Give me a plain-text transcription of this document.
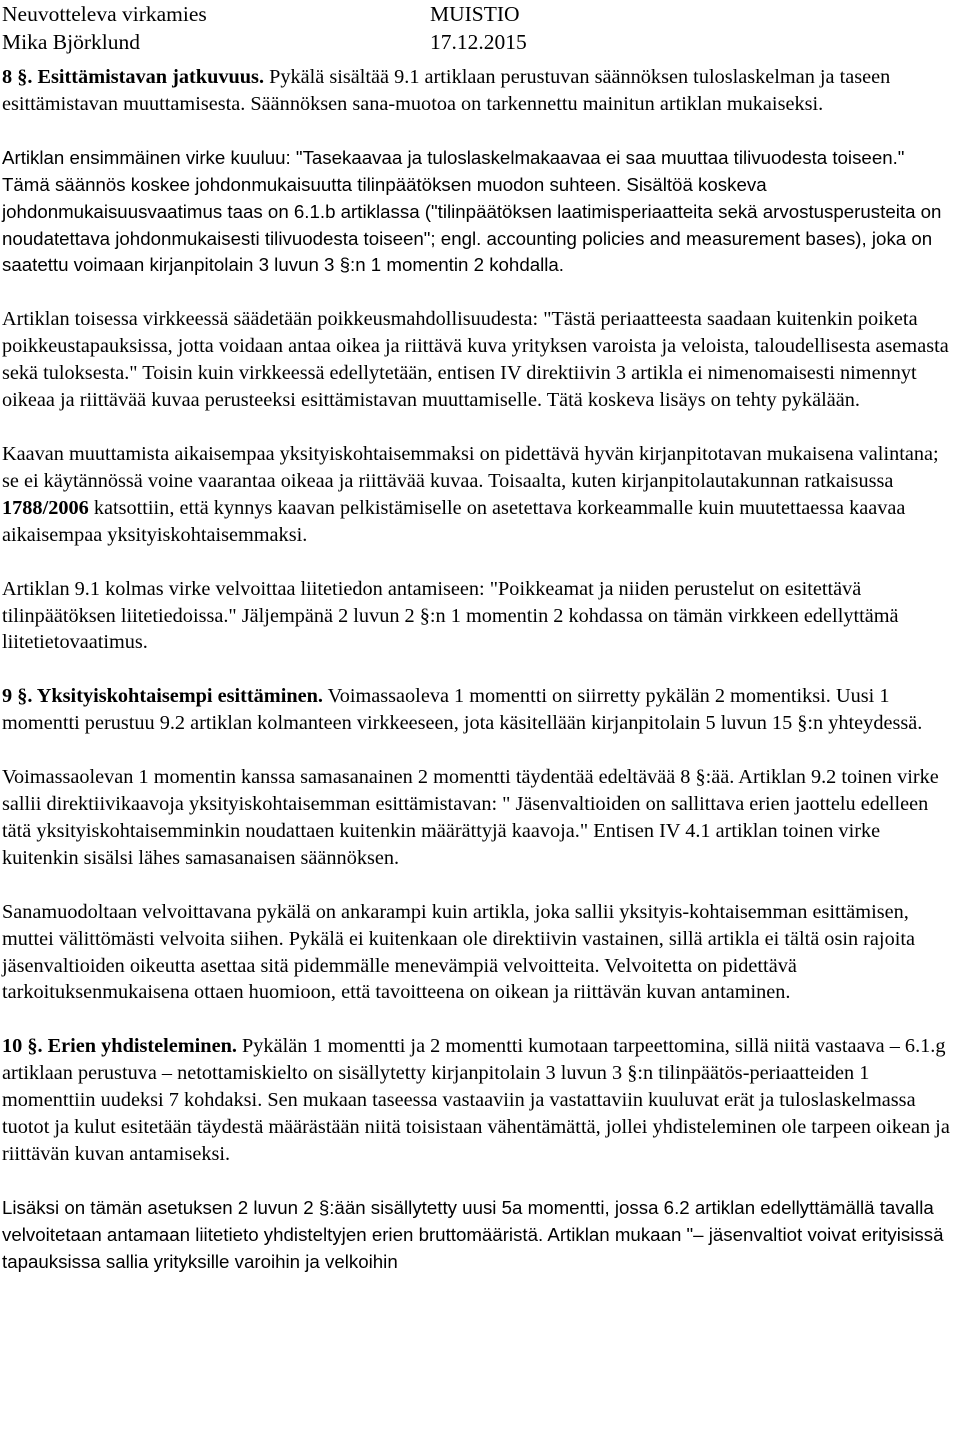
Neuvotteleva virkamies	MUISTIO
Mika Björklund	17.12.2015

8 §. Esittämistavan jatkuvuus. Pykälä sisältää 9.1 artiklaan perustuvan säännöksen tuloslaskelman ja taseen esittämistavan muuttamisesta. Säännöksen sana-muotoa on tarkennettu mainitun artiklan mukaiseksi.

Artiklan ensimmäinen virke kuuluu: "Tasekaavaa ja tuloslaskelmakaavaa ei saa muuttaa tilivuodesta toiseen." Tämä säännös koskee johdonmukaisuutta tilinpäätöksen muodon suhteen. Sisältöä koskeva johdonmukaisuusvaatimus taas on 6.1.b artiklassa ("tilinpäätöksen laatimisperiaatteita sekä arvostusperusteita on noudatettava johdonmukaisesti tilivuodesta toiseen"; engl. accounting policies and measurement bases), joka on saatettu voimaan kirjanpitolain 3 luvun 3 §:n 1 momentin 2 kohdalla.

Artiklan toisessa virkkeessä säädetään poikkeusmahdollisuudesta: "Tästä periaatteesta saadaan kuitenkin poiketa poikkeustapauksissa, jotta voidaan antaa oikea ja riittävä kuva yrityksen varoista ja veloista, taloudellisesta asemasta sekä tuloksesta." Toisin kuin virkkeessä edellytetään, entisen IV direktiivin 3 artikla ei nimenomaisesti nimennyt oikeaa ja riittävää kuvaa perusteeksi esittämistavan muuttamiselle. Tätä koskeva lisäys on tehty pykälään.

Kaavan muuttamista aikaisempaa yksityiskohtaisemmaksi on pidettävä hyvän kirjanpitotavan mukaisena valintana; se ei käytännössä voine vaarantaa oikeaa ja riittävää kuvaa. Toisaalta, kuten kirjanpitolautakunnan ratkaisussa 1788/2006 katsottiin, että kynnys kaavan pelkistämiselle on asetettava korkeammalle kuin muutettaessa kaavaa aikaisempaa yksityiskohtaisemmaksi.

Artiklan 9.1 kolmas virke velvoittaa liitetiedon antamiseen: "Poikkeamat ja niiden perustelut on esitettävä tilinpäätöksen liitetiedoissa." Jäljempänä 2 luvun 2 §:n 1 momentin 2 kohdassa on tämän virkkeen edellyttämä liitetietovaatimus.

9 §. Yksityiskohtaisempi esittäminen. Voimassaoleva 1 momentti on siirretty pykälän 2 momentiksi. Uusi 1 momentti perustuu 9.2 artiklan kolmanteen virkkeeseen, jota käsitellään kirjanpitolain 5 luvun 15 §:n yhteydessä.

Voimassaolevan 1 momentin kanssa samasanainen 2 momentti täydentää edeltävää 8 §:ää. Artiklan 9.2 toinen virke sallii direktiivikaavoja yksityiskohtaisemman esittämistavan: " Jäsenvaltioiden on sallittava erien jaottelu edelleen tätä yksityiskohtaisemminkin noudattaen kuitenkin määrättyjä kaavoja." Entisen IV 4.1 artiklan toinen virke kuitenkin sisälsi lähes samasanaisen säännöksen.

Sanamuodoltaan velvoittavana pykälä on ankarampi kuin artikla, joka sallii yksityis-kohtaisemman esittämisen, muttei välittömästi velvoita siihen. Pykälä ei kuitenkaan ole direktiivin vastainen, sillä artikla ei tältä osin rajoita jäsenvaltioiden oikeutta asettaa sitä pidemmälle menevämpiä velvoitteita. Velvoitetta on pidettävä tarkoituksenmukaisena ottaen huomioon, että tavoitteena on oikean ja riittävän kuvan antaminen.

10 §. Erien yhdisteleminen. Pykälän 1 momentti ja 2 momentti kumotaan tarpeettomina, sillä niitä vastaava – 6.1.g artiklaan perustuva – netottamiskielto on sisällytetty kirjanpitolain 3 luvun 3 §:n tilinpäätös-periaatteiden 1 momenttiin uudeksi 7 kohdaksi. Sen mukaan taseessa vastaaviin ja vastattaviin kuuluvat erät ja tuloslaskelmassa tuotot ja kulut esitetään täydestä määrästään niitä toisistaan vähentämättä, jollei yhdisteleminen ole tarpeen oikean ja riittävän kuvan antamiseksi.

Lisäksi on tämän asetuksen 2 luvun 2 §:ään sisällytetty uusi 5a momentti, jossa 6.2 artiklan edellyttämällä tavalla velvoitetaan antamaan liitetieto yhdisteltyjen erien bruttomääristä. Artiklan mukaan "– jäsenvaltiot voivat erityisissä tapauksissa sallia yrityksille varoihin ja velkoihin
